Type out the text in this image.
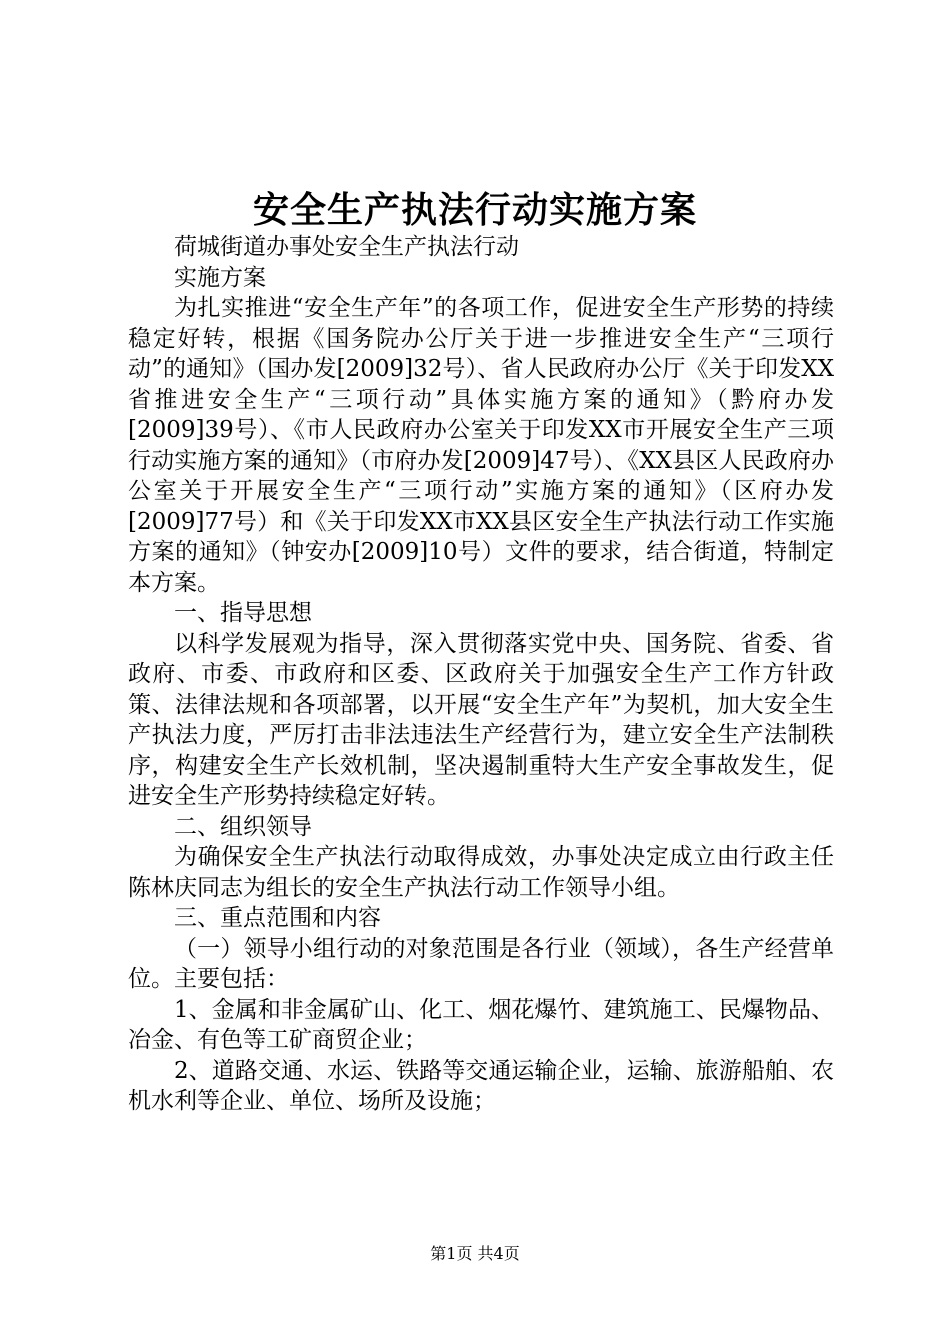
安全生产执法行动实施方案

荷城街道办事处安全生产执法行动

实施方案

为扎实推进“安全生产年”的各项工作，促进安全生产形势的持续稳定好转，根据《国务院办公厅关于进一步推进安全生产“三项行动”的通知》（国办发[2009]32号）、省人民政府办公厅《关于印发XX省推进安全生产“三项行动”具体实施方案的通知》（黔府办发[2009]39号）、《市人民政府办公室关于印发XX市开展安全生产三项行动实施方案的通知》（市府办发[2009]47号）、《XX县区人民政府办公室关于开展安全生产“三项行动”实施方案的通知》（区府办发[2009]77号）和《关于印发XX市XX县区安全生产执法行动工作实施方案的通知》（钟安办[2009]10号）文件的要求，结合街道，特制定本方案。

一、指导思想

以科学发展观为指导，深入贯彻落实党中央、国务院、省委、省政府、市委、市政府和区委、区政府关于加强安全生产工作方针政策、法律法规和各项部署，以开展“安全生产年”为契机，加大安全生产执法力度，严厉打击非法违法生产经营行为，建立安全生产法制秩序，构建安全生产长效机制，坚决遏制重特大生产安全事故发生，促进安全生产形势持续稳定好转。

二、组织领导

为确保安全生产执法行动取得成效，办事处决定成立由行政主任陈林庆同志为组长的安全生产执法行动工作领导小组。

三、重点范围和内容

（一）领导小组行动的对象范围是各行业（领域），各生产经营单位。主要包括：

1、金属和非金属矿山、化工、烟花爆竹、建筑施工、民爆物品、冶金、有色等工矿商贸企业；

2、道路交通、水运、铁路等交通运输企业，运输、旅游船舶、农机水利等企业、单位、场所及设施；

第1页 共4页
